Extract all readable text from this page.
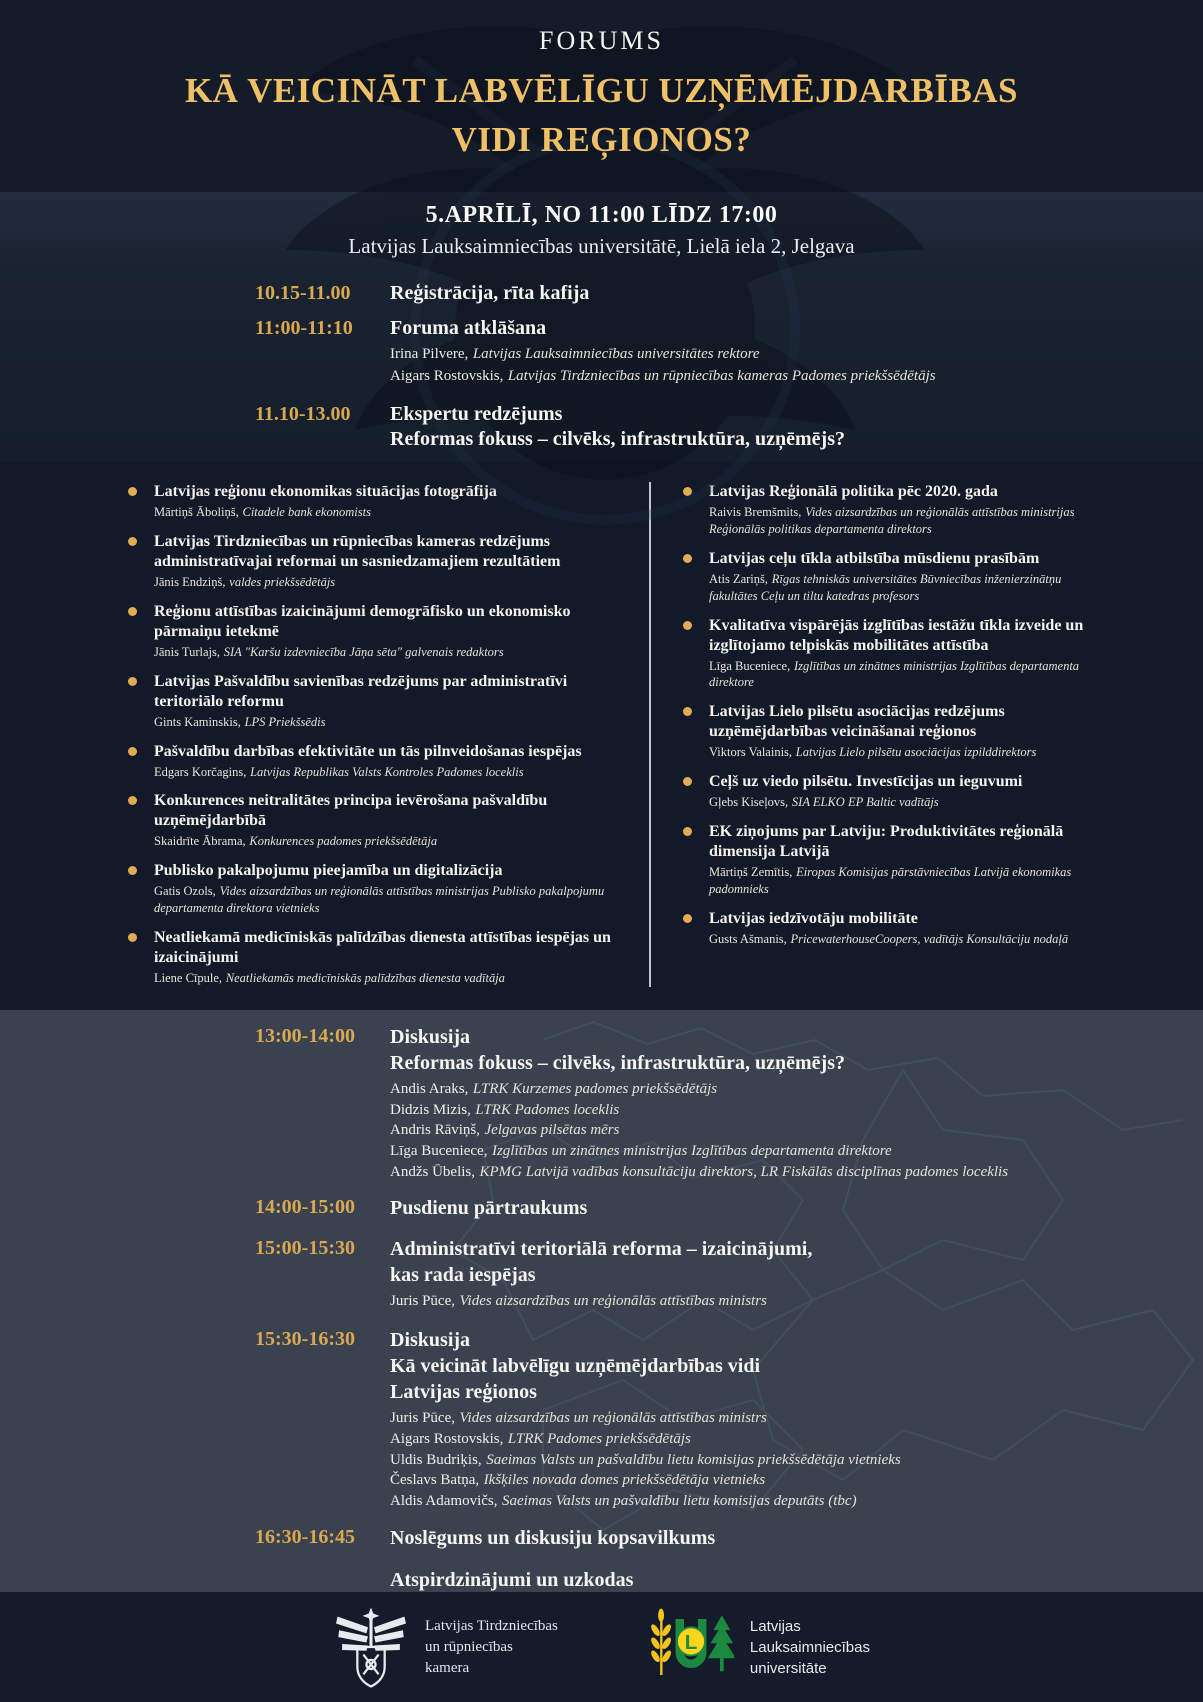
FORUMS
KĀ VEICINĀT LABVĒLĪGU UZŅĒMĒJDARBĪBAS
VIDI REĢIONOS?
5.APRĪLĪ, NO 11:00 LĪDZ 17:00
Latvijas Lauksaimniecības universitātē, Lielā iela 2, Jelgava
10.15-11.00	Reģistrācija, rīta kafija
11:00-11:10	Foruma atklāšana
Irina Pilvere, Latvijas Lauksaimniecības universitātes rektore
Aigars Rostovskis, Latvijas Tirdzniecības un rūpniecības kameras Padomes priekšsēdētājs
11.10-13.00	Ekspertu redzējums
Reformas fokuss – cilvēks, infrastruktūra, uzņēmējs?
Latvijas reģionu ekonomikas situācijas fotogrāfija
Mārtiņš Āboliņš, Citadele bank ekonomists
Latvijas Tirdzniecības un rūpniecības kameras redzējums administratīvajai reformai un sasniedzamajiem rezultātiem
Jānis Endziņš, valdes priekšsēdētājs
Reģionu attīstības izaicinājumi demogrāfisko un ekonomisko pārmaiņu ietekmē
Jānis Turlajs, SIA "Karšu izdevniecība Jāņa sēta" galvenais redaktors
Latvijas Pašvaldību savienības redzējums par administratīvi teritoriālo reformu
Gints Kaminskis, LPS Priekšsēdis
Pašvaldību darbības efektivitāte un tās pilnveidošanas iespējas
Edgars Korčagins, Latvijas Republikas Valsts Kontroles Padomes loceklis
Konkurences neitralitātes principa ievērošana pašvaldību uzņēmējdarbībā
Skaidrīte Ābrama, Konkurences padomes priekšsēdētāja
Publisko pakalpojumu pieejamība un digitalizācija
Gatis Ozols, Vides aizsardzības un reģionālās attīstības ministrijas Publisko pakalpojumu departamenta direktora vietnieks
Neatliekamā medicīniskās palīdzības dienesta attīstības iespējas un izaicinājumi
Liene Cīpule, Neatliekamās medicīniskās palīdzības dienesta vadītāja
Latvijas Reģionālā politika pēc 2020. gada
Raivis Bremšmits, Vides aizsardzības un reģionālās attīstības ministrijas Reģionālās politikas departamenta direktors
Latvijas ceļu tīkla atbilstība mūsdienu prasībām
Atis Zariņš, Rīgas tehniskās universitātes Būvniecības inženierzinātņu fakultātes Ceļu un tiltu katedras profesors
Kvalitatīva vispārējās izglītības iestāžu tīkla izveide un izglītojamo telpiskās mobilitātes attīstība
Līga Buceniece, Izglītības un zinātnes ministrijas Izglītības departamenta direktore
Latvijas Lielo pilsētu asociācijas redzējums uzņēmējdarbības veicināšanai reģionos
Viktors Valainis, Latvijas Lielo pilsētu asociācijas izpilddirektors
Ceļš uz viedo pilsētu. Investīcijas un ieguvumi
Gļebs Kiseļovs, SIA ELKO EP Baltic vadītājs
EK ziņojums par Latviju: Produktivitātes reģionālā dimensija Latvijā
Mārtiņš Zemītis, Eiropas Komisijas pārstāvniecības Latvijā ekonomikas padomnieks
Latvijas iedzīvotāju mobilitāte
Gusts Ašmanis, PricewaterhouseCoopers, vadītājs Konsultāciju nodaļā
13:00-14:00	Diskusija
Reformas fokuss – cilvēks, infrastruktūra, uzņēmējs?
Andis Araks, LTRK Kurzemes padomes priekšsēdētājs
Didzis Mizis, LTRK Padomes loceklis
Andris Rāviņš, Jelgavas pilsētas mērs
Līga Buceniece, Izglītības un zinātnes ministrijas Izglītības departamenta direktore
Andžs Ūbelis, KPMG Latvijā vadības konsultāciju direktors, LR Fiskālās disciplīnas padomes loceklis
14:00-15:00	Pusdienu pārtraukums
15:00-15:30	Administratīvi teritoriālā reforma – izaicinājumi,
kas rada iespējas
Juris Pūce, Vides aizsardzības un reģionālās attīstības ministrs
15:30-16:30	Diskusija
Kā veicināt labvēlīgu uzņēmējdarbības vidi
Latvijas reģionos
Juris Pūce, Vides aizsardzības un reģionālās attīstības ministrs
Aigars Rostovskis, LTRK Padomes priekšsēdētājs
Uldis Budriķis, Saeimas Valsts un pašvaldību lietu komisijas priekšsēdētāja vietnieks
Česlavs Batņa, Ikšķiles novada domes priekšsēdētāja vietnieks
Aldis Adamovičs, Saeimas Valsts un pašvaldību lietu komisijas deputāts (tbc)
16:30-16:45	Noslēgums un diskusiju kopsavilkums
Atspirdzinājumi un uzkodas
Latvijas Tirdzniecības
un rūpniecības
kamera
L
Latvijas
Lauksaimniecības
universitāte
